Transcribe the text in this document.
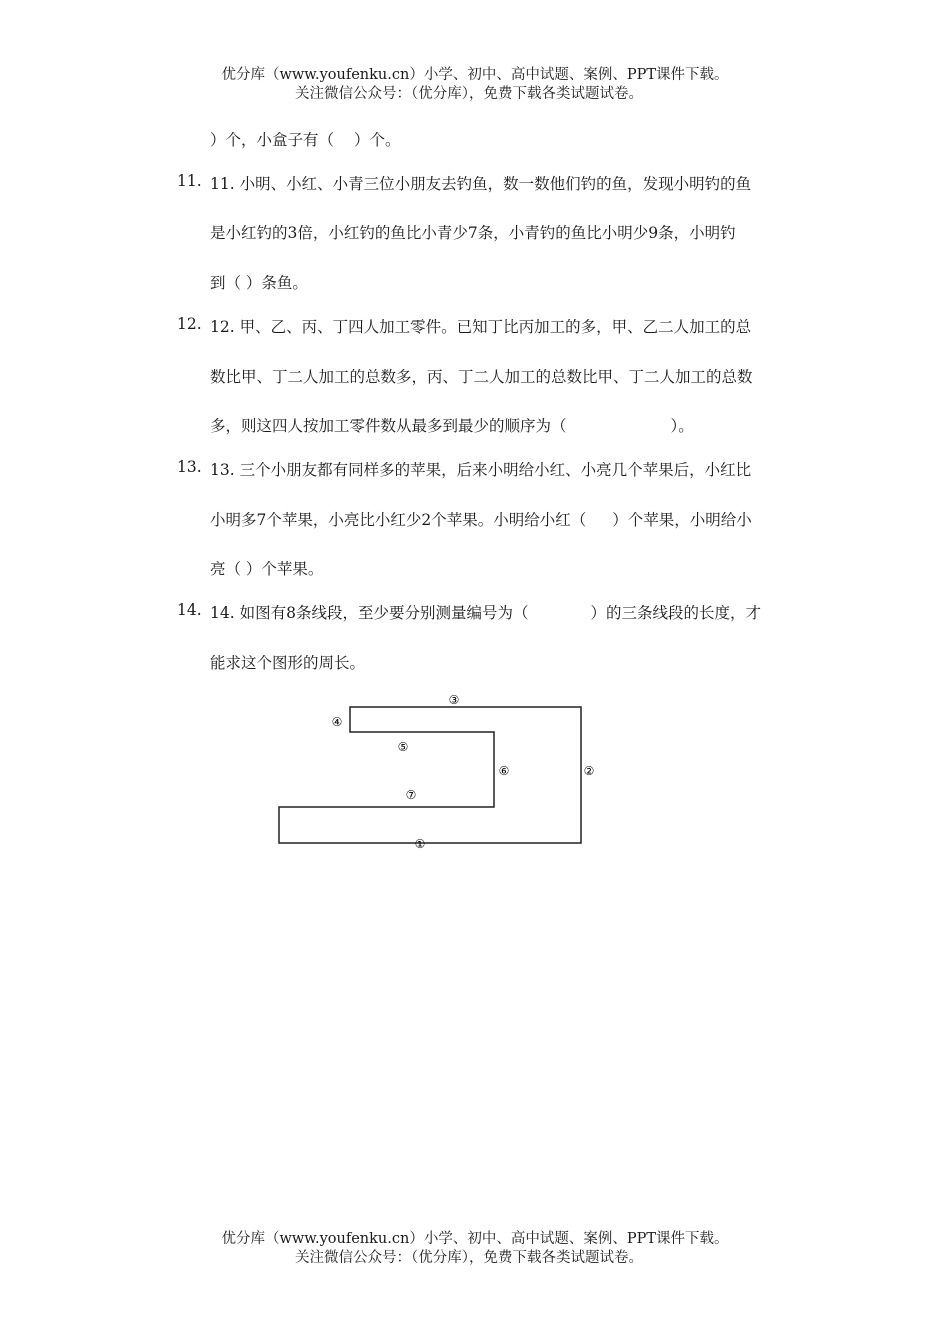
优分库（www.youfenku.cn）小学、初中、高中试题、案例、PPT课件下载。
关注微信公众号：（优分库），免费下载各类试题试卷。
）个，小盒子有（ ）个。
11. 11. 小明、小红、小青三位小朋友去钓鱼，数一数他们钓的鱼，发现小明钓的鱼
是小红钓的3倍，小红钓的鱼比小青少7条，小青钓的鱼比小明少9条，小明钓
到（ ）条鱼。
12. 12. 甲、乙、丙、丁四人加工零件。已知丁比丙加工的多，甲、乙二人加工的总
数比甲、丁二人加工的总数多，丙、丁二人加工的总数比甲、丁二人加工的总数
多，则这四人按加工零件数从最多到最少的顺序为（	）。
13. 13. 三个小朋友都有同样多的苹果，后来小明给小红、小亮几个苹果后，小红比
小明多7个苹果，小亮比小红少2个苹果。小明给小红（ ）个苹果，小明给小
亮（ ）个苹果。
14. 14. 如图有8条线段，至少要分别测量编号为（	）的三条线段的长度，才
能求这个图形的周长。
③
④
⑤
⑥	②
⑦
①
优分库（www.youfenku.cn）小学、初中、高中试题、案例、PPT课件下载。
关注微信公众号：（优分库），免费下载各类试题试卷。
